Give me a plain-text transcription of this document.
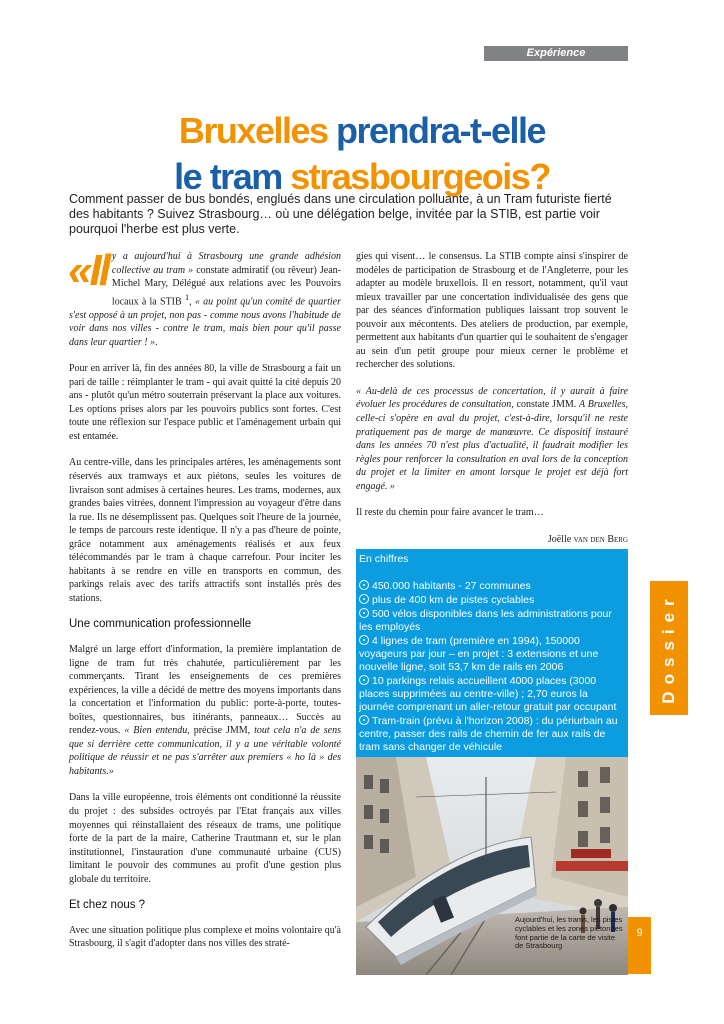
Expérience
Bruxelles prendra-t-elle
le tram strasbourgeois?
Comment passer de bus bondés, englués dans une circulation polluante, à un Tram futuriste fierté des habitants ? Suivez Strasbourg… où une délégation belge, invitée par la STIB, est partie voir pourquoi l'herbe est plus verte.

«Il y a aujourd'hui à Strasbourg une grande adhésion collective au tram » constate admiratif (ou rêveur) Jean-Michel Mary, Délégué aux relations avec les Pouvoirs locaux à la STIB $^1$, « au point qu'un comité de quartier s'est opposé à un projet, non pas - comme nous avons l'habitude de voir dans nos villes - contre le tram, mais bien pour qu'il passe dans leur quartier ! ».

Pour en arriver là, fin des années 80, la ville de Strasbourg a fait un pari de taille : réimplanter le tram - qui avait quitté la cité depuis 20 ans - plutôt qu'un métro souterrain préservant la place aux voitures. Les options prises alors par les pouvoirs publics sont fortes. C'est toute une réflexion sur l'espace public et l'aménagement urbain qui est entamée.

Au centre-ville, dans les principales artères, les aménagements sont réservés aux tramways et aux piétons, seules les voitures de livraison sont admises à certaines heures. Les trams, modernes, aux grandes baies vitrées, donnent l'impression au voyageur d'être dans la rue. Ils ne désemplissent pas. Quelques soit l'heure de la journée, le temps de parcours reste identique. Il n'y a pas d'heure de pointe, grâce notamment aux aménagements réalisés et aux feux télécommandés par le tram à chaque carrefour. Pour inciter les habitants à se rendre en ville en transports en commun, des parkings relais avec des tarifs attractifs sont installés près des stations.

Une communication professionnelle

Malgré un large effort d'information, la première implantation de ligne de tram fut très chahutée, particulièrement par les commerçants. Tirant les enseignements de ces premières expériences, la ville a décidé de mettre des moyens importants dans la concertation et l'information du public: porte-à-porte, toutes-boîtes, questionnaires, bus itinérants, panneaux… Succès au rendez-vous. « Bien entendu, précise JMM, tout cela n'a de sens que si derrière cette communication, il y a une véritable volonté politique de réussir et ne pas s'arrêter aux premiers « ho là » des habitants.»

Dans la ville européenne, trois éléments ont conditionné la réussite du projet : des subsides octroyés par l'Etat français aux villes moyennes qui réinstallaient des réseaux de trams, une politique forte de la part de la maire, Catherine Trautmann et, sur le plan institutionnel, l'instauration d'une communauté urbaine (CUS) limitant le pouvoir des communes au profit d'une gestion plus globale du territoire.

Et chez nous ?

Avec une situation politique plus complexe et moins volontaire qu'à Strasbourg, il s'agit d'adopter dans nos villes des straté-

gies qui visent… le consensus. La STIB compte ainsi s'inspirer de modèles de participation de Strasbourg et de l'Angleterre, pour les adapter au modèle bruxellois. Il en ressort, notamment, qu'il vaut mieux travailler par une concertation individualisée des gens que par des séances d'information publiques laissant trop souvent le pouvoir aux mécontents. Des ateliers de production, par exemple, permettent aux habitants d'un quartier qui le souhaitent de s'engager au sein d'un petit groupe pour mieux cerner le problème et rechercher des solutions.

« Au-delà de ces processus de concertation, il y aurait à faire évoluer les procédures de consultation, constate JMM. A Bruxelles, celle-ci s'opère en aval du projet, c'est-à-dire, lorsqu'il ne reste pratiquement pas de marge de manœuvre. Ce dispositif instauré dans les années 70 n'est plus d'actualité, il faudrait modifier les règles pour renforcer la consultation en aval lors de la conception du projet et la limiter en amont lorsque le projet est déjà fort engagé. »

Il reste du chemin pour faire avancer le tram…

Joëlle van den Berg
En chiffres
450.000 habitants - 27 communes
plus de 400 km de pistes cyclables
500 vélos disponibles dans les administrations pour les employés
4 lignes de tram (première en 1994), 150000 voyageurs par jour – en projet : 3 extensions et une nouvelle ligne, soit 53,7 km de rails en 2006
10 parkings relais accueillent 4000 places (3000 places supprimées au centre-ville) ; 2,70 euros la journée comprenant un aller-retour gratuit par occupant
Tram-train (prévu à l'horizon 2008) : du périurbain au centre, passer des rails de chemin de fer aux rails de tram sans changer de véhicule
Aujourd'hui, les trams, les pistes cyclables et les zones piétonnes font partie de la carte de visite de Strasbourg
Dossier
9
